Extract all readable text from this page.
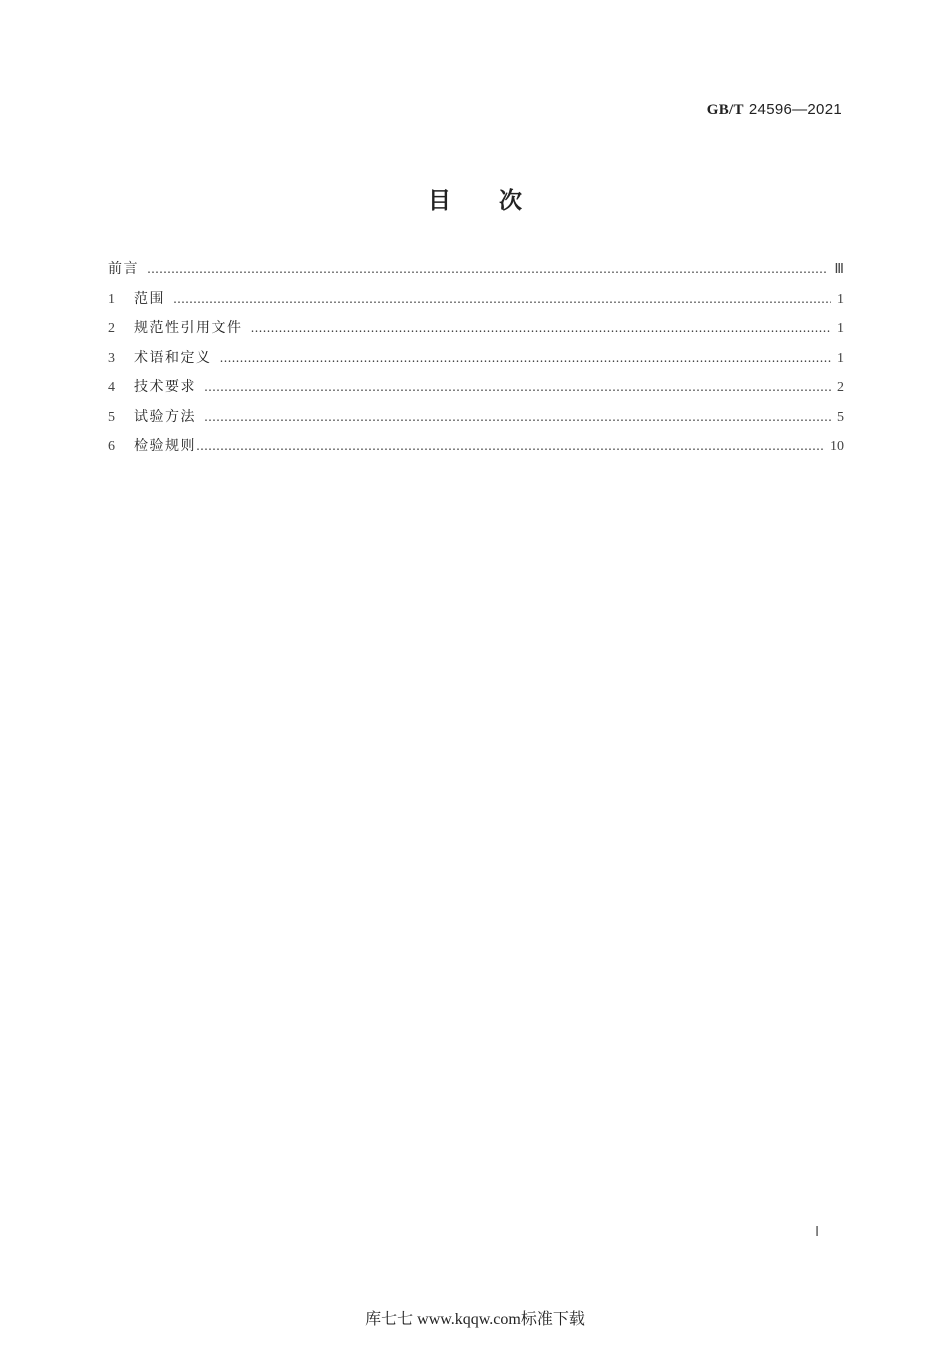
GB/T 24596—2021
目次
前言 …………………………………………………………………………………………………………………………………………………………………………………………	Ⅲ
1	范围 …………………………………………………………………………………………………………………………………………………………………………………………	1
2	规范性引用文件 …………………………………………………………………………………………………………………………………………………………………………………………	1
3	术语和定义 …………………………………………………………………………………………………………………………………………………………………………………………	1
4	技术要求 …………………………………………………………………………………………………………………………………………………………………………………………	2
5	试验方法 …………………………………………………………………………………………………………………………………………………………………………………………	5
6	检验规则 …………………………………………………………………………………………………………………………………………………………………………………………	10
Ⅰ
库七七 www.kqqw.com标准下载
